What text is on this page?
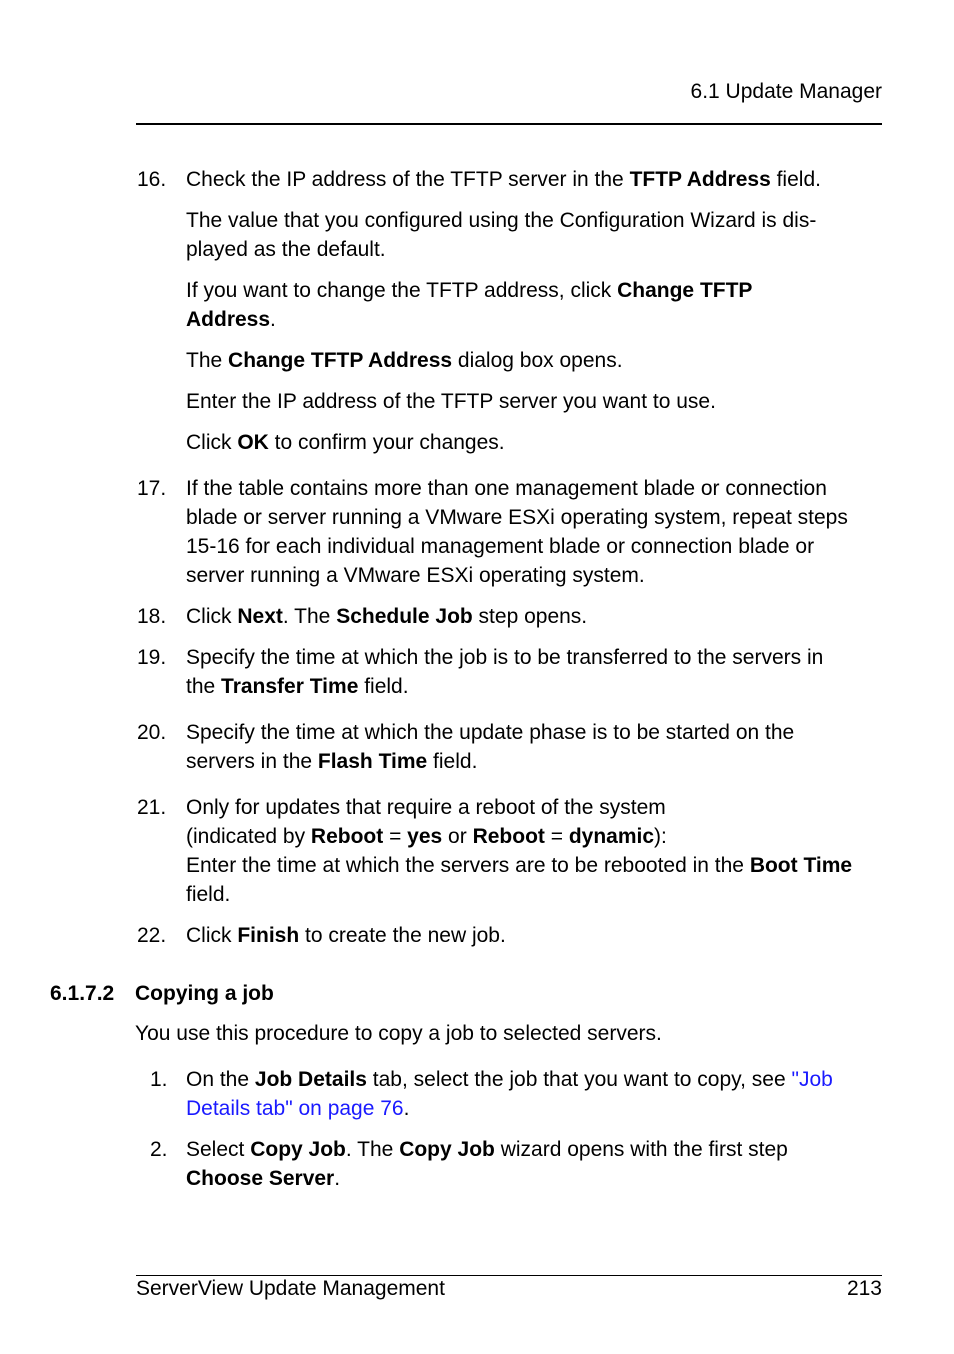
6.1 Update Manager
16. Check the IP address of the TFTP server in the TFTP Address field.
The value that you configured using the Configuration Wizard is dis-
played as the default.
If you want to change the TFTP address, click Change TFTP
Address.
The Change TFTP Address dialog box opens.
Enter the IP address of the TFTP server you want to use.
Click OK to confirm your changes.
17. If the table contains more than one management blade or connection
blade or server running a VMware ESXi operating system, repeat steps
15-16 for each individual management blade or connection blade or
server running a VMware ESXi operating system.
18. Click Next. The Schedule Job step opens.
19. Specify the time at which the job is to be transferred to the servers in
the Transfer Time field.
20. Specify the time at which the update phase is to be started on the
servers in the Flash Time field.
21. Only for updates that require a reboot of the system
(indicated by Reboot = yes or Reboot = dynamic):
Enter the time at which the servers are to be rebooted in the Boot Time
field.
22. Click Finish to create the new job.
6.1.7.2 Copying a job
You use this procedure to copy a job to selected servers.
1. On the Job Details tab, select the job that you want to copy, see "Job
Details tab" on page 76.
2. Select Copy Job. The Copy Job wizard opens with the first step
Choose Server.
ServerView Update Management	213
